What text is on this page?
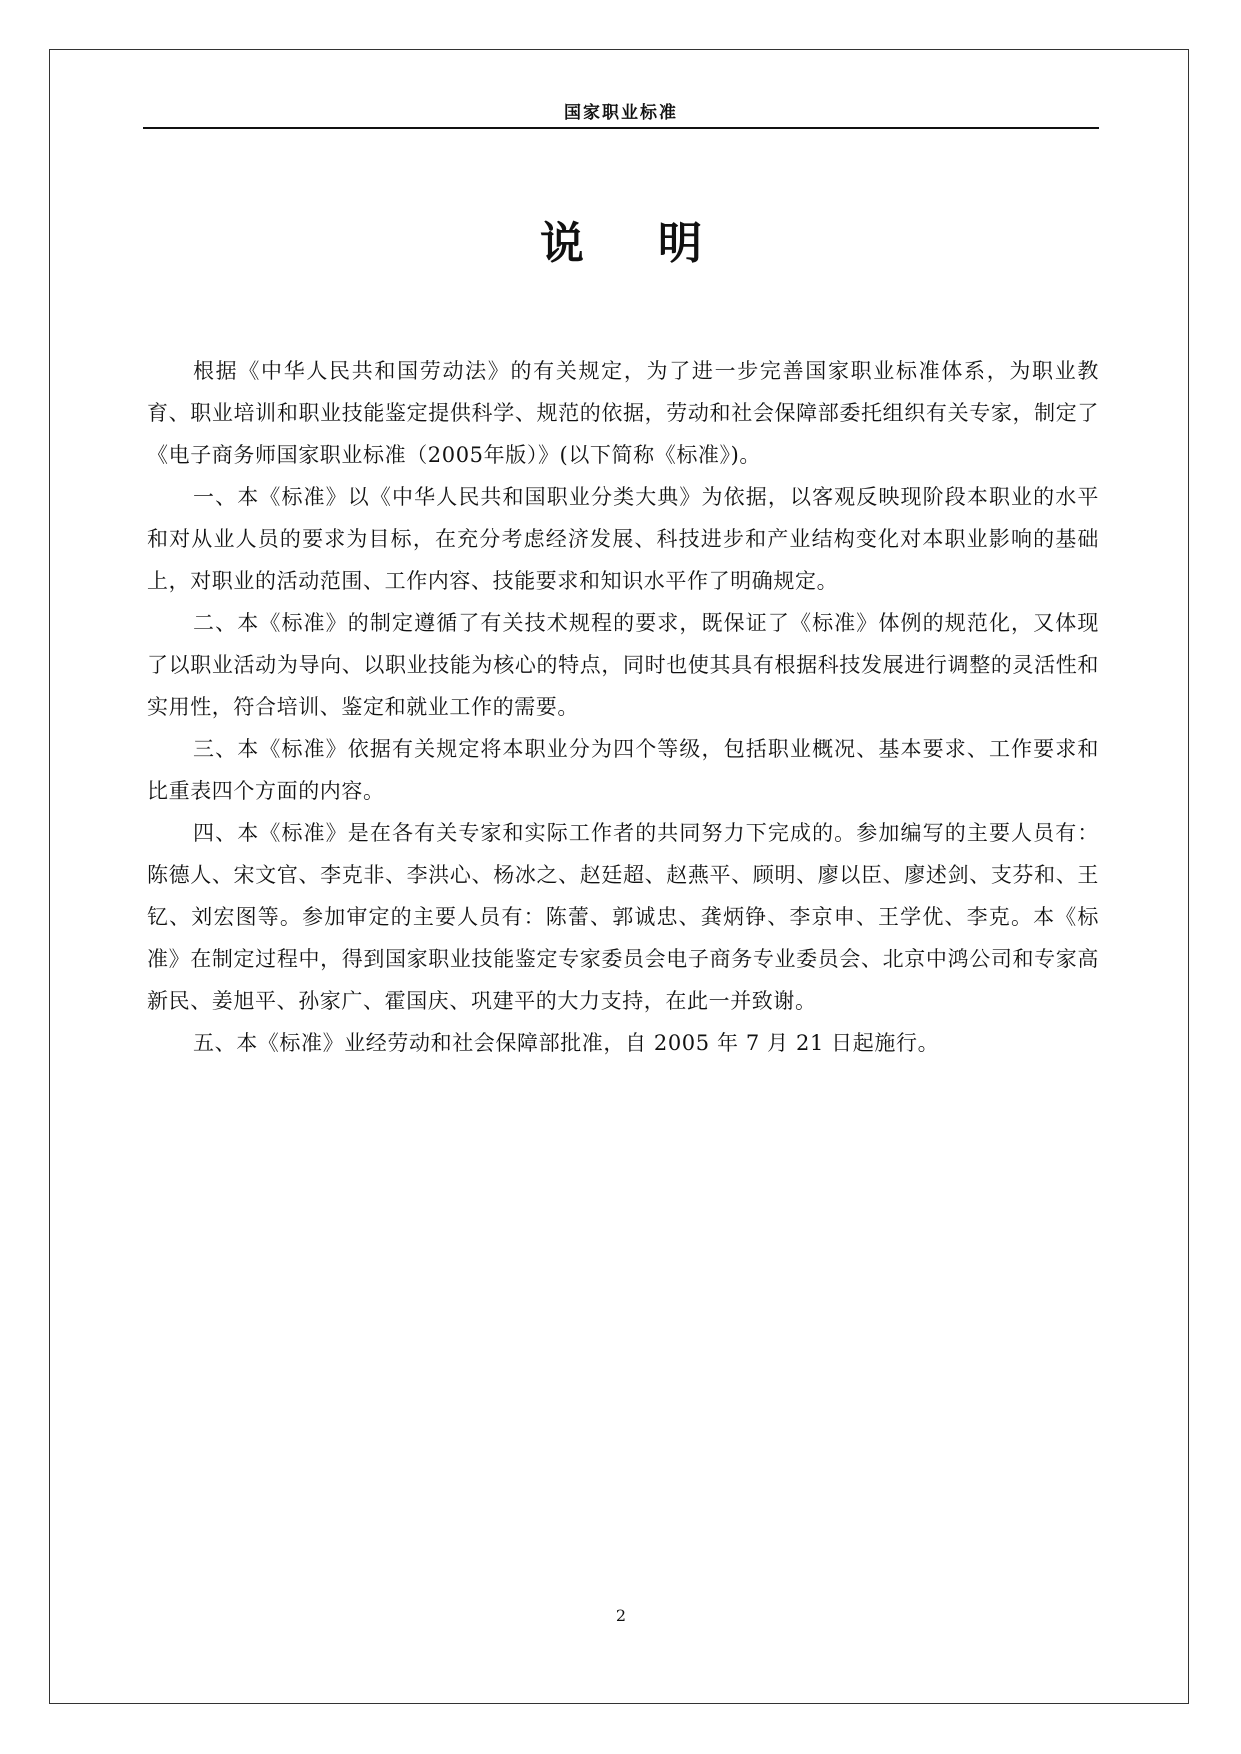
国家职业标准
说明

根据《中华人民共和国劳动法》的有关规定，为了进一步完善国家职业标准体系，为职业教育、职业培训和职业技能鉴定提供科学、规范的依据，劳动和社会保障部委托组织有关专家，制定了《电子商务师国家职业标准（2005年版）》(以下简称《标准》)。

一、本《标准》以《中华人民共和国职业分类大典》为依据，以客观反映现阶段本职业的水平和对从业人员的要求为目标，在充分考虑经济发展、科技进步和产业结构变化对本职业影响的基础上，对职业的活动范围、工作内容、技能要求和知识水平作了明确规定。

二、本《标准》的制定遵循了有关技术规程的要求，既保证了《标准》体例的规范化，又体现了以职业活动为导向、以职业技能为核心的特点，同时也使其具有根据科技发展进行调整的灵活性和实用性，符合培训、鉴定和就业工作的需要。

三、本《标准》依据有关规定将本职业分为四个等级，包括职业概况、基本要求、工作要求和比重表四个方面的内容。

四、本《标准》是在各有关专家和实际工作者的共同努力下完成的。参加编写的主要人员有：陈德人、宋文官、李克非、李洪心、杨冰之、赵廷超、赵燕平、顾明、廖以臣、廖述剑、支芬和、王钇、刘宏图等。参加审定的主要人员有：陈蕾、郭诚忠、龚炳铮、李京申、王学优、李克。本《标准》在制定过程中，得到国家职业技能鉴定专家委员会电子商务专业委员会、北京中鸿公司和专家高新民、姜旭平、孙家广、霍国庆、巩建平的大力支持，在此一并致谢。

五、本《标准》业经劳动和社会保障部批准，自 2005 年 7 月 21 日起施行。

2
